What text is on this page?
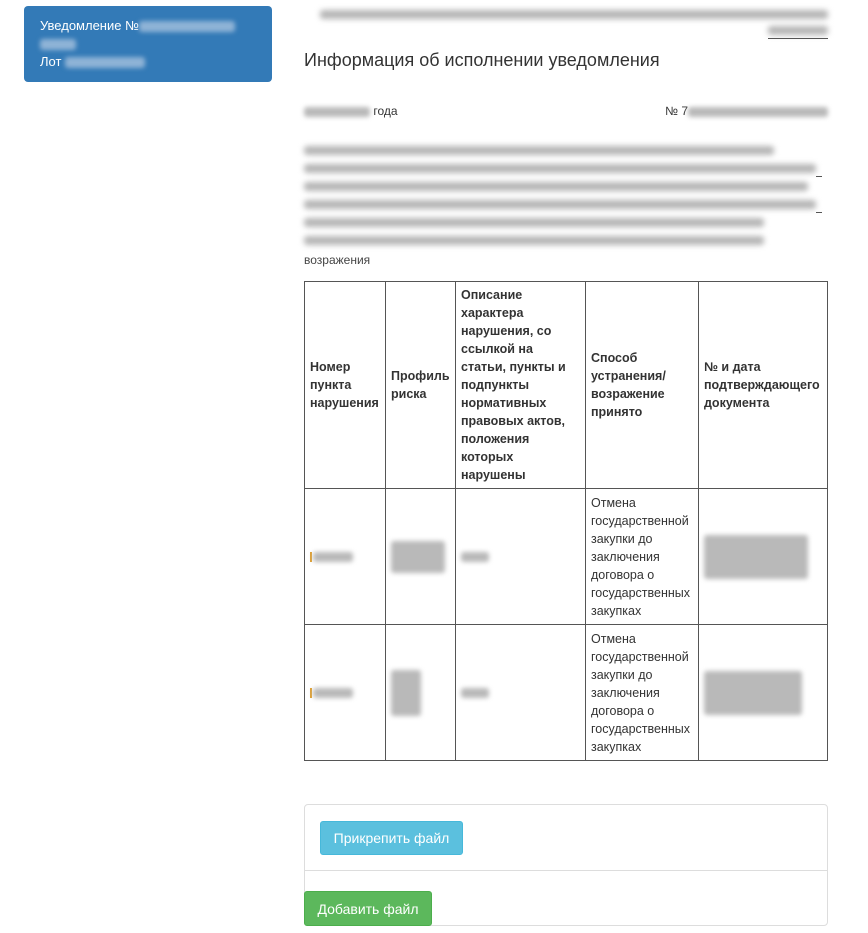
Уведомление №
Лот	Информация об исполнении уведомления
года	№ 7
возражения
Номер пункта нарушения	Профиль риска	Описание характера нарушения, со ссылкой на статьи, пункты и подпункты нормативных правовых актов, положения которых нарушены	Способ устранения/ возражение принято	№ и дата подтверждающего документа
			Отмена государственной закупки до заключения договора о государственных закупках	
			Отмена государственной закупки до заключения договора о государственных закупках	
Прикрепить файл
Добавить файл
